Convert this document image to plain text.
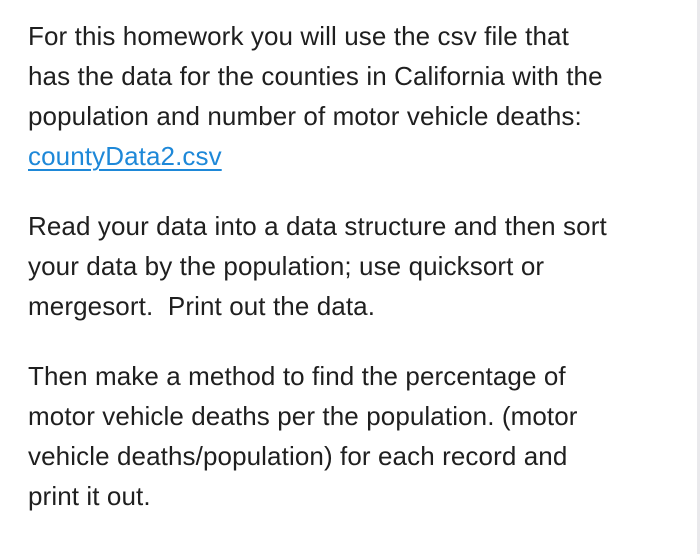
For this homework you will use the csv file that
has the data for the counties in California with the
population and number of motor vehicle deaths:
countyData2.csv

Read your data into a data structure and then sort
your data by the population; use quicksort or
mergesort.  Print out the data.

Then make a method to find the percentage of
motor vehicle deaths per the population. (motor
vehicle deaths/population) for each record and
print it out.
